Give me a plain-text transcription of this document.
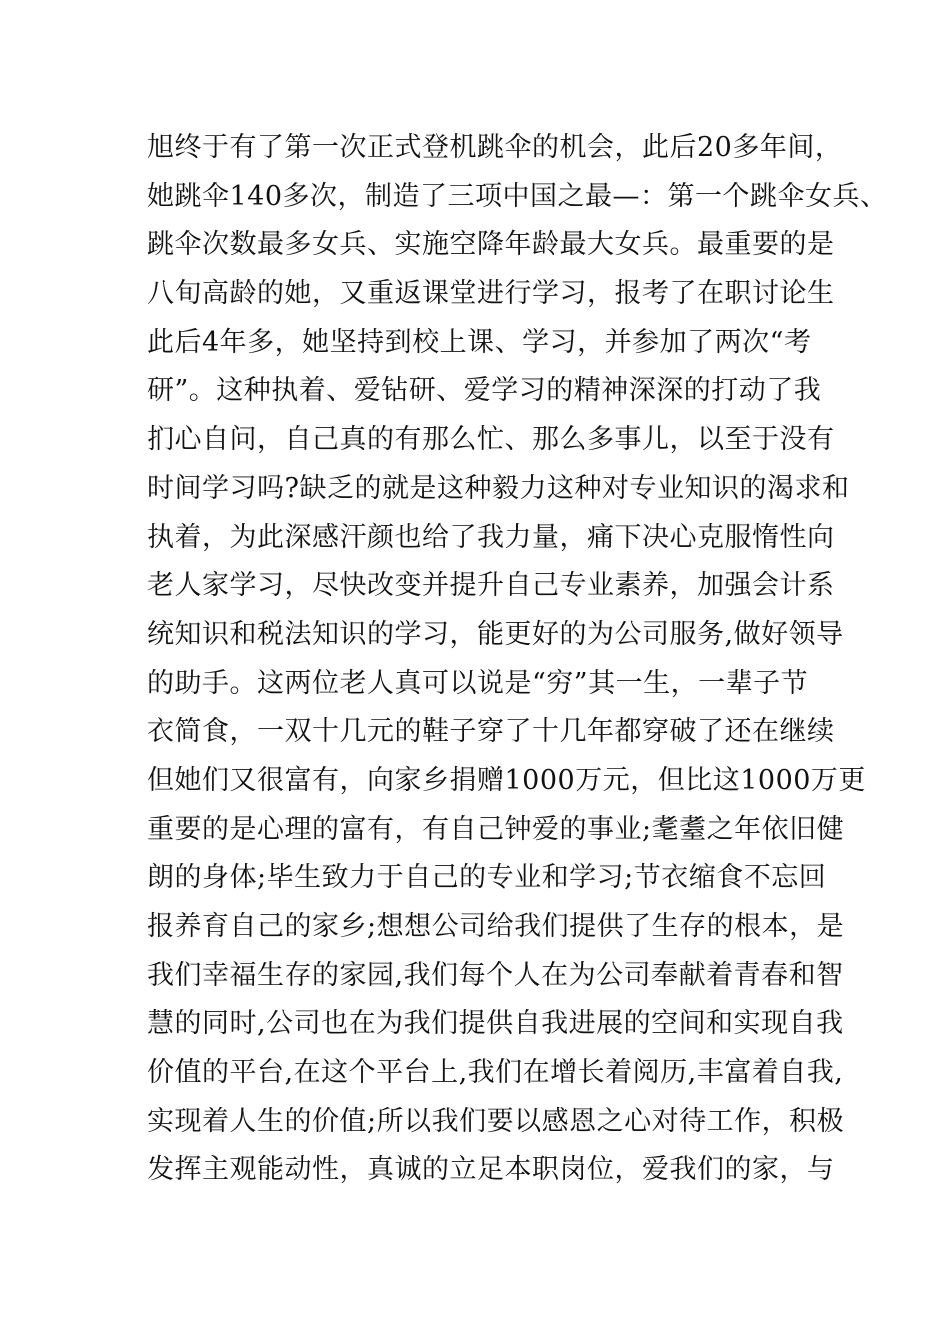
旭终于有了第一次正式登机跳伞的机会，此后20多年间，
她跳伞140多次，制造了三项中国之最—：第一个跳伞女兵、
跳伞次数最多女兵、实施空降年龄最大女兵。最重要的是
八旬高龄的她，又重返课堂进行学习，报考了在职讨论生
此后4年多，她坚持到校上课、学习，并参加了两次“考
研”。这种执着、爱钻研、爱学习的精神深深的打动了我
扪心自问，自己真的有那么忙、那么多事儿，以至于没有
时间学习吗?缺乏的就是这种毅力这种对专业知识的渴求和
执着，为此深感汗颜也给了我力量，痛下决心克服惰性向
老人家学习，尽快改变并提升自己专业素养，加强会计系
统知识和税法知识的学习，能更好的为公司服务,做好领导
的助手。这两位老人真可以说是“穷”其一生，一辈子节
衣简食，一双十几元的鞋子穿了十几年都穿破了还在继续
但她们又很富有，向家乡捐赠1000万元，但比这1000万更
重要的是心理的富有，有自己钟爱的事业;耄耋之年依旧健
朗的身体;毕生致力于自己的专业和学习;节衣缩食不忘回
报养育自己的家乡;想想公司给我们提供了生存的根本，是
我们幸福生存的家园,我们每个人在为公司奉献着青春和智
慧的同时,公司也在为我们提供自我进展的空间和实现自我
价值的平台,在这个平台上,我们在增长着阅历,丰富着自我,
实现着人生的价值;所以我们要以感恩之心对待工作，积极
发挥主观能动性，真诚的立足本职岗位，爱我们的家，与
